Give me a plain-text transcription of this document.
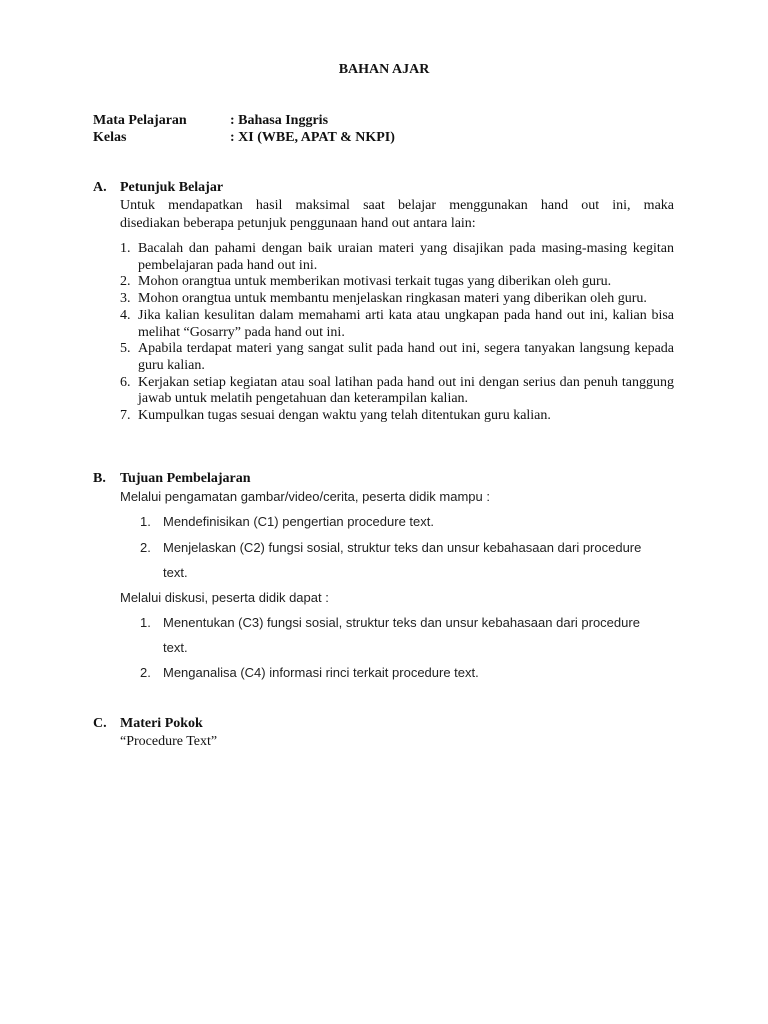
BAHAN AJAR
Mata Pelajaran	: Bahasa Inggris
Kelas	: XI (WBE, APAT & NKPI)
A. Petunjuk Belajar
Untuk mendapatkan hasil maksimal saat belajar menggunakan hand out ini, maka
disediakan beberapa petunjuk penggunaan hand out antara lain:
1. Bacalah dan pahami dengan baik uraian materi yang disajikan pada masing-masing kegitan pembelajaran pada hand out ini.
2. Mohon orangtua untuk memberikan motivasi terkait tugas yang diberikan oleh guru.
3. Mohon orangtua untuk membantu menjelaskan ringkasan materi yang diberikan oleh guru.
4. Jika kalian kesulitan dalam memahami arti kata atau ungkapan pada hand out ini, kalian bisa melihat “Gosarry” pada hand out ini.
5. Apabila terdapat materi yang sangat sulit pada hand out ini, segera tanyakan langsung kepada guru kalian.
6. Kerjakan setiap kegiatan atau soal latihan pada hand out ini dengan serius dan penuh tanggung jawab untuk melatih pengetahuan dan keterampilan kalian.
7. Kumpulkan tugas sesuai dengan waktu yang telah ditentukan guru kalian.
B. Tujuan Pembelajaran
Melalui pengamatan gambar/video/cerita, peserta didik mampu :
1. Mendefinisikan (C1) pengertian procedure text.
2. Menjelaskan (C2) fungsi sosial, struktur teks dan unsur kebahasaan dari procedure
text.
Melalui diskusi, peserta didik dapat :
1. Menentukan (C3) fungsi sosial, struktur teks dan unsur kebahasaan dari procedure
text.
2. Menganalisa (C4) informasi rinci terkait procedure text.
C. Materi Pokok
“Procedure Text”
